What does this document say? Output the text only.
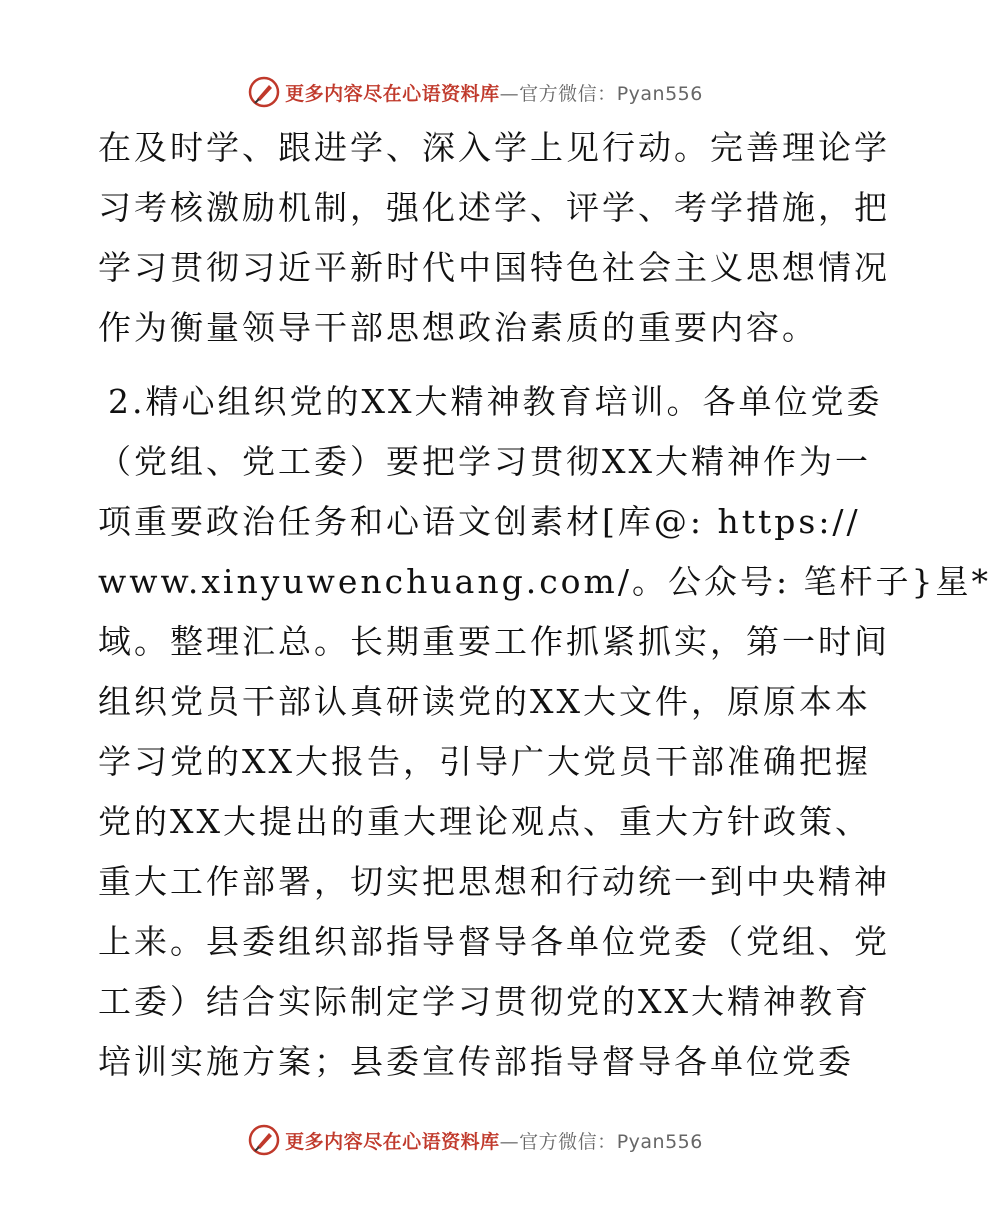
更多内容尽在心语资料库—官方微信：Pyan556
在及时学、跟进学、深入学上见行动。完善理论学
习考核激励机制，强化述学、评学、考学措施，把
学习贯彻习近平新时代中国特色社会主义思想情况
作为衡量领导干部思想政治素质的重要内容。
2.精心组织党的XX大精神教育培训。各单位党委
（党组、党工委）要把学习贯彻XX大精神作为一
项重要政治任务和心语文创素材[库@: https://
www.xinyuwenchuang.com/。公众号: 笔杆子}星*
域。整理汇总。长期重要工作抓紧抓实，第一时间
组织党员干部认真研读党的XX大文件，原原本本
学习党的XX大报告，引导广大党员干部准确把握
党的XX大提出的重大理论观点、重大方针政策、
重大工作部署，切实把思想和行动统一到中央精神
上来。县委组织部指导督导各单位党委（党组、党
工委）结合实际制定学习贯彻党的XX大精神教育
培训实施方案；县委宣传部指导督导各单位党委
更多内容尽在心语资料库—官方微信：Pyan556
